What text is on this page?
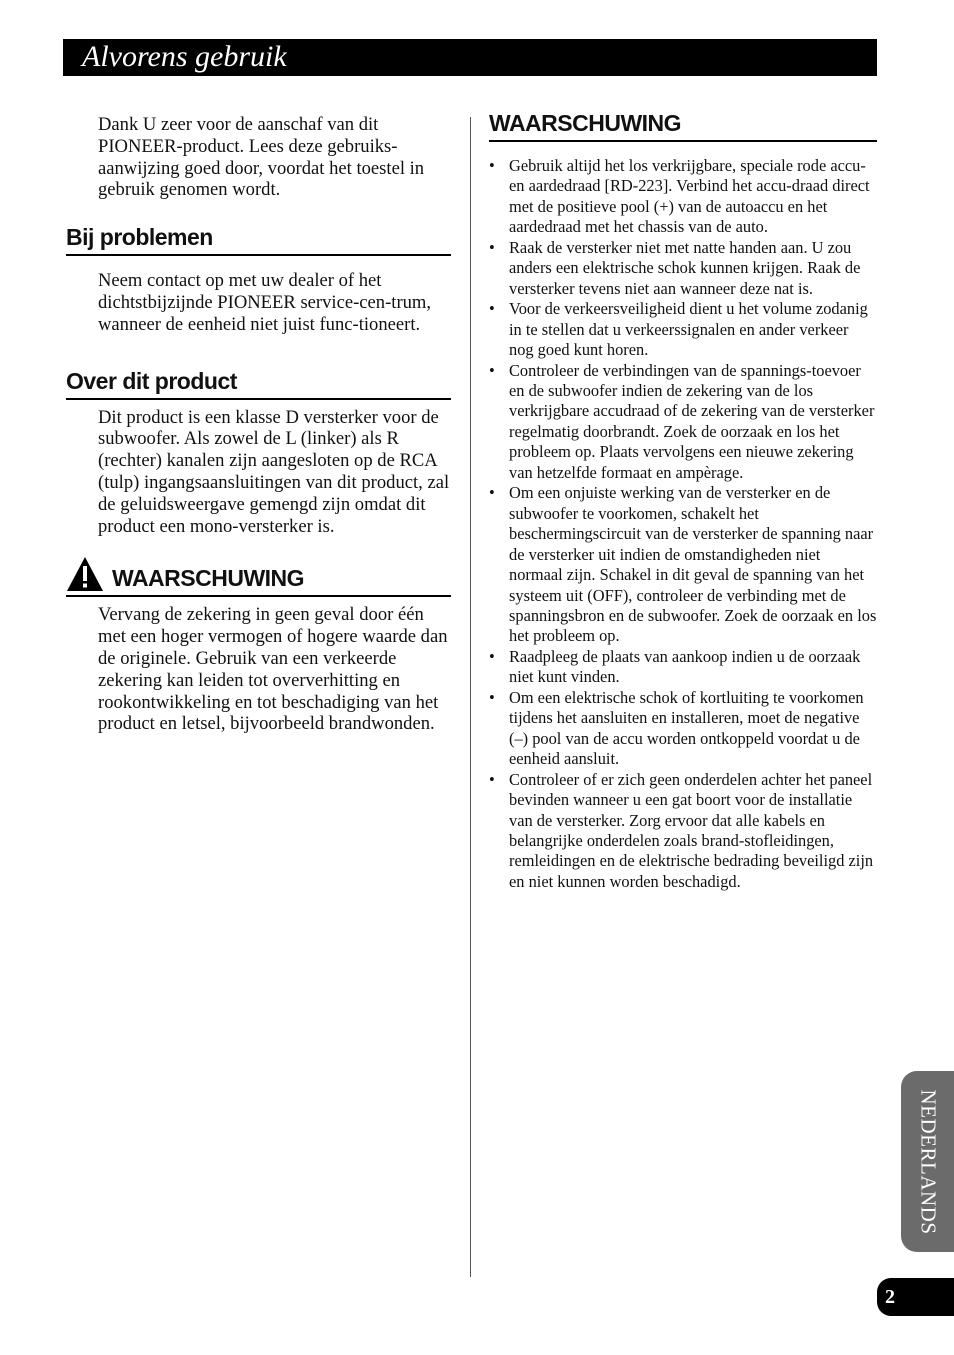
Alvorens gebruik

Dank U zeer voor de aanschaf van dit PIONEER-product. Lees deze gebruiks-aanwijzing goed door, voordat het toestel in gebruik genomen wordt.

Bij problemen

Neem contact op met uw dealer of het dichtstbijzijnde PIONEER service-cen-trum, wanneer de eenheid niet juist func-tioneert.

Over dit product

Dit product is een klasse D versterker voor de subwoofer. Als zowel de L (linker) als R (rechter) kanalen zijn aangesloten op de RCA (tulp) ingangsaansluitingen van dit product, zal de geluidsweergave gemengd zijn omdat dit product een mono-versterker is.

WAARSCHUWING

Vervang de zekering in geen geval door één met een hoger vermogen of hogere waarde dan de originele. Gebruik van een verkeerde zekering kan leiden tot oververhitting en rookontwikkeling en tot beschadiging van het product en letsel, bijvoorbeeld brandwonden.

WAARSCHUWING
• Gebruik altijd het los verkrijgbare, speciale rode accu- en aardedraad [RD-223]. Verbind het accu-draad direct met de positieve pool (+) van de autoaccu en het aardedraad met het chassis van de auto.
• Raak de versterker niet met natte handen aan. U zou anders een elektrische schok kunnen krijgen. Raak de versterker tevens niet aan wanneer deze nat is.
• Voor de verkeersveiligheid dient u het volume zodanig in te stellen dat u verkeerssignalen en ander verkeer nog goed kunt horen.
• Controleer de verbindingen van de spannings-toevoer en de subwoofer indien de zekering van de los verkrijgbare accudraad of de zekering van de versterker regelmatig doorbrandt. Zoek de oorzaak en los het probleem op. Plaats vervolgens een nieuwe zekering van hetzelfde formaat en ampèrage.
• Om een onjuiste werking van de versterker en de subwoofer te voorkomen, schakelt het beschermingscircuit van de versterker de spanning naar de versterker uit indien de omstandigheden niet normaal zijn. Schakel in dit geval de spanning van het systeem uit (OFF), controleer de verbinding met de spanningsbron en de subwoofer. Zoek de oorzaak en los het probleem op.
• Raadpleeg de plaats van aankoop indien u de oorzaak niet kunt vinden.
• Om een elektrische schok of kortluiting te voorkomen tijdens het aansluiten en installeren, moet de negative (–) pool van de accu worden ontkoppeld voordat u de eenheid aansluit.
• Controleer of er zich geen onderdelen achter het paneel bevinden wanneer u een gat boort voor de installatie van de versterker. Zorg ervoor dat alle kabels en belangrijke onderdelen zoals brand-stofleidingen, remleidingen en de elektrische bedrading beveiligd zijn en niet kunnen worden beschadigd.
NEDERLANDS
2
